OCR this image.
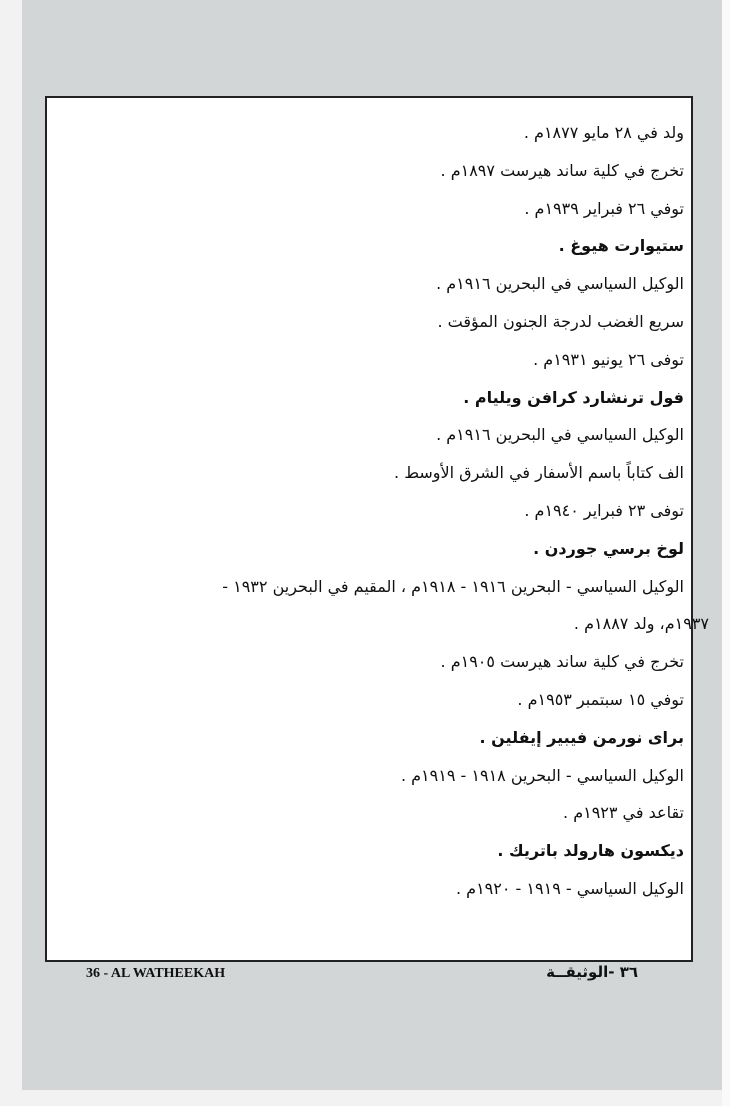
ولد في ٢٨ مايو ١٨٧٧م .
تخرج في كلية ساند هيرست ١٨٩٧م .
توفي ٢٦ فبراير ١٩٣٩م .
ستيوارت هيوغ .
الوكيل السياسي في البحرين ١٩١٦م .
سريع الغضب لدرجة الجنون المؤقت .
توفى ٢٦ يونيو ١٩٣١م .
فول ترنشارد كرافن ويليام .
الوكيل السياسي في البحرين ١٩١٦م .
الف كتاباً باسم الأسفار في الشرق الأوسط .
توفى ٢٣ فبراير ١٩٤٠م .
لوخ برسي جوردن .
الوكيل السياسي - البحرين ١٩١٦ - ١٩١٨م ، المقيم في البحرين ١٩٣٢ -
١٩٣٧م، ولد ١٨٨٧م .
تخرج في كلية ساند هيرست ١٩٠٥م .
توفي ١٥ سبتمبر ١٩٥٣م .
براى نورمن فيبير إيفلين .
الوكيل السياسي - البحرين ١٩١٨ - ١٩١٩م .
تقاعد في ١٩٢٣م .
ديكسون هارولد باتريك .
الوكيل السياسي - ١٩١٩ - ١٩٢٠م .
36 - AL WATHEEKAH	٣٦ -الوثيقــة
